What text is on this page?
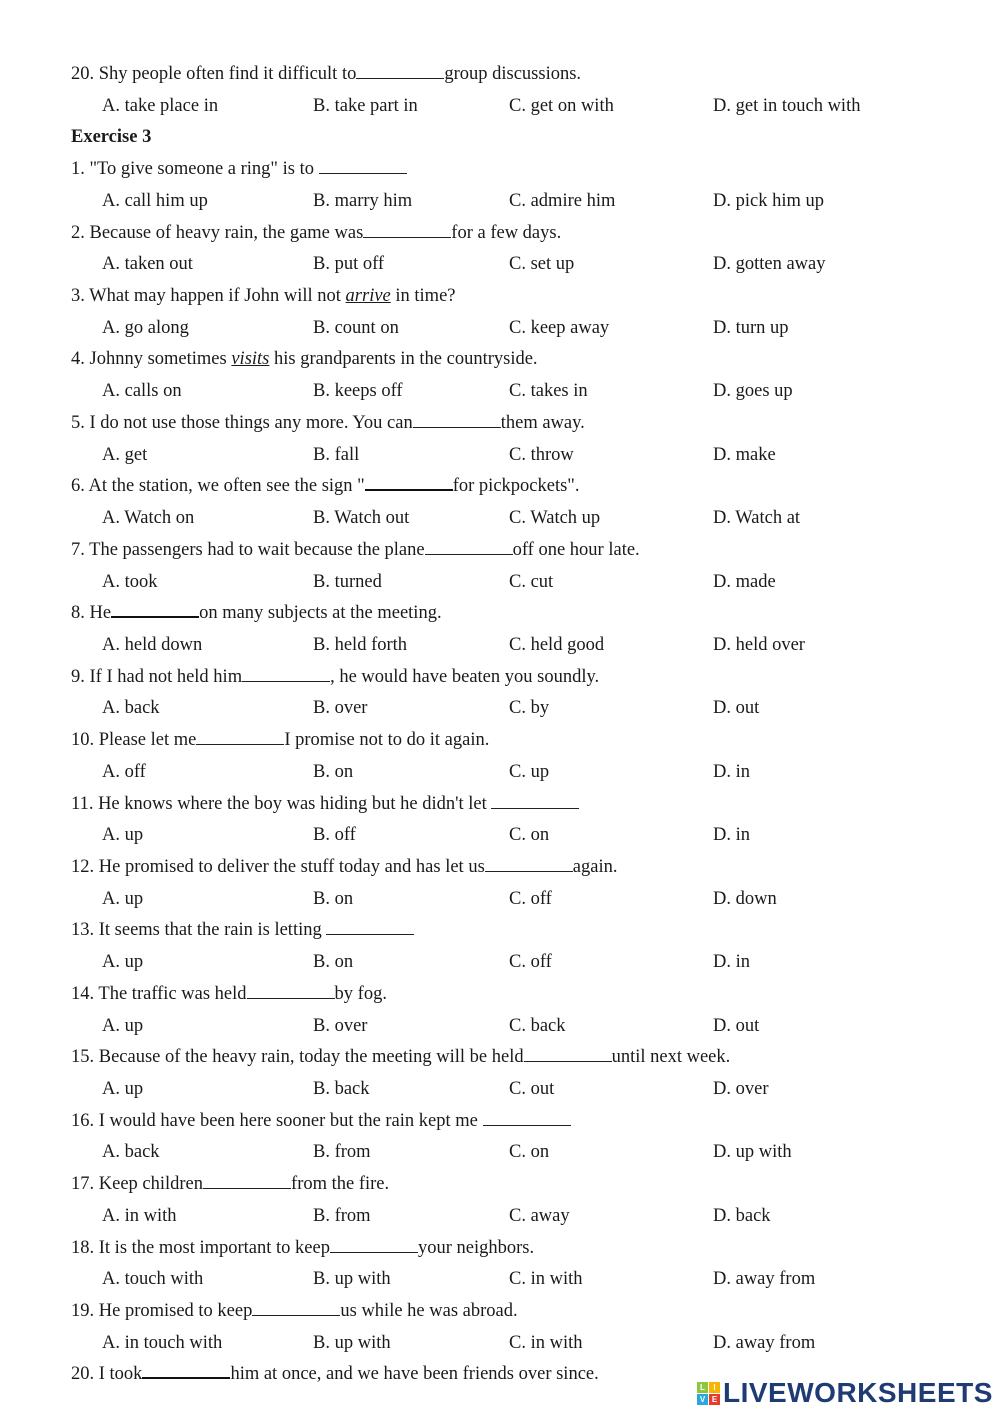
20. Shy people often find it difficult to	group discussions.
A. take place in	B. take part in	C. get on with	D. get in touch with
Exercise 3
1. "To give someone a ring" is to
A. call him up	B. marry him	C. admire him	D. pick him up
2. Because of heavy rain, the game was	for a few days.
A. taken out	B. put off	C. set up	D. gotten away
3. What may happen if John will not arrive in time?
A. go along	B. count on	C. keep away	D. turn up
4. Johnny sometimes visits his grandparents in the countryside.
A. calls on	B. keeps off	C. takes in	D. goes up
5. I do not use those things any more. You can	them away.
A. get	B. fall	C. throw	D. make
6. At the station, we often see the sign "	for pickpockets".
A. Watch on	B. Watch out	C. Watch up	D. Watch at
7. The passengers had to wait because the plane	off one hour late.
A. took	B. turned	C. cut	D. made
8. He	on many subjects at the meeting.
A. held down	B. held forth	C. held good	D. held over
9. If I had not held him	, he would have beaten you soundly.
A. back	B. over	C. by	D. out
10. Please let me	I promise not to do it again.
A. off	B. on	C. up	D. in
11. He knows where the boy was hiding but he didn't let
A. up	B. off	C. on	D. in
12. He promised to deliver the stuff today and has let us	again.
A. up	B. on	C. off	D. down
13. It seems that the rain is letting
A. up	B. on	C. off	D. in
14. The traffic was held	by fog.
A. up	B. over	C. back	D. out
15. Because of the heavy rain, today the meeting will be held	until next week.
A. up	B. back	C. out	D. over
16. I would have been here sooner but the rain kept me
A. back	B. from	C. on	D. up with
17. Keep children	from the fire.
A. in with	B. from	C. away	D. back
18. It is the most important to keep	your neighbors.
A. touch with	B. up with	C. in with	D. away from
19. He promised to keep	us while he was abroad.
A. in touch with	B. up with	C. in with	D. away from
20. I took	him at once, and we have been friends over since.
L	I
V E LIVEWORKSHEETS
